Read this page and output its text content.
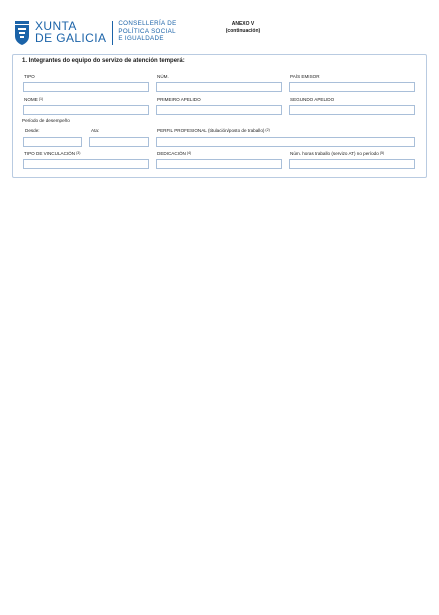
XUNTA
DE GALICIA
CONSELLERÍA DE
POLÍTICA SOCIAL
E IGUALDADE
ANEXO V
(continuación)
1. Integrantes do equipo do servizo de atención temperá:
TIPO	NÚM.	PAÍS EMISOR
NOME$^{(1)}$	PRIMEIRO APELIDO	SEGUNDO APELIDO
Período de desempeño
Desde:	Ata:	PERFIL PROFESIONAL (titulación/posto de traballo)$^{(2)}$
TIPO DE VINCULACIÓN$^{(3)}$	DEDICACIÓN$^{(4)}$	Núm. horas traballo (servizo AT) no período$^{(5)}$
